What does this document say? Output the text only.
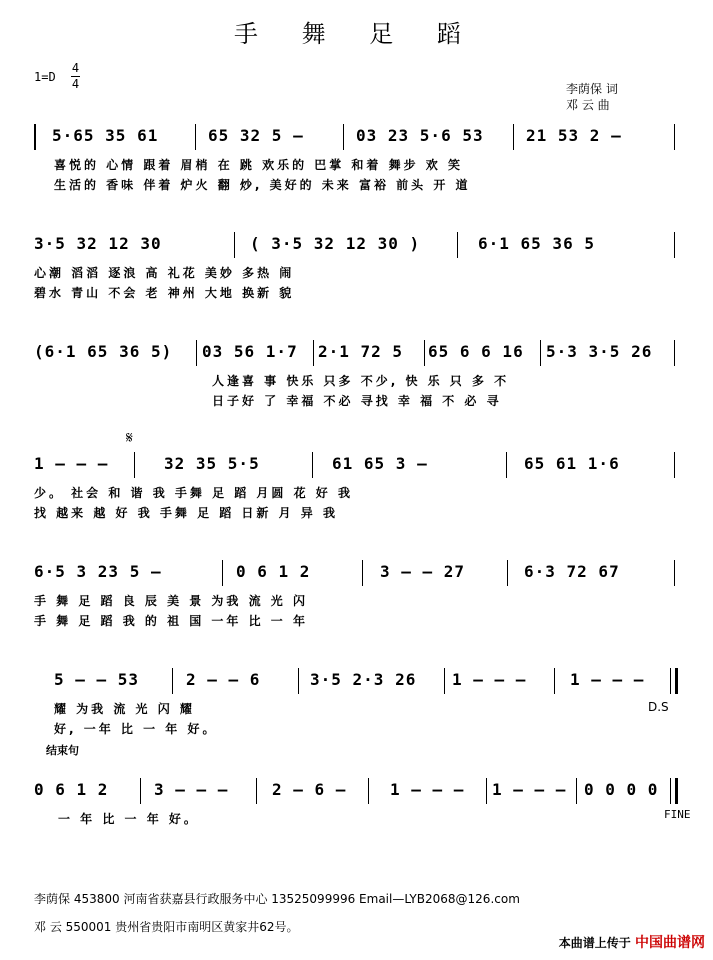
手 舞 足 蹈
1=D
4
4	李荫保 词
邓 云 曲
5·65 35 61	65 32 5 –	03 23 5·6 53	21 53 2 –
喜悦的 心情 跟着 眉梢 在 跳 欢乐的 巴掌 和着 舞步 欢 笑
生活的 香味 伴着 炉火 翻 炒, 美好的 未来 富裕 前头 开 道
3·5 32 12 30	( 3·5 32 12 30 )	6·1 65 36 5
心潮 滔滔 逐浪 高 礼花 美妙 多热 闹
碧水 青山 不会 老 神州 大地 换新 貌
(6·1 65 36 5) 03 56 1·7 2·1 72 5 65 6 6 16 5·3 3·5 26
人逢喜 事 快乐 只多 不少, 快 乐 只 多 不
日子好 了 幸福 不必 寻找 幸 福 不 必 寻
𝄋
1 – – –	32 35 5·5	61 65 3 –	65 61 1·6
少。 社会 和 谐 我 手舞 足 蹈 月圆 花 好 我
找 越来 越 好 我 手舞 足 蹈 日新 月 异 我
6·5 3 23 5 –	0 6 1 2	3 – – 27	6·3 72 67
手 舞 足 蹈 良 辰 美 景 为我 流 光 闪
手 舞 足 蹈 我 的 祖 国 一年 比 一 年
5 – – 53	2 – – 6	3·5 2·3 26 1 – – –	1 – – –
耀 为我 流 光 闪 耀
好, 一年 比 一 年 好。
D.S
结束句
0 6 1 2	3 – – –	2 – 6 –	1 – – – 1 – – – 0 0 0 0
一 年 比 一 年 好。	FINE
李荫保 453800 河南省获嘉县行政服务中心 13525099996 Email—LYB2068@126.com
邓 云 550001 贵州省贵阳市南明区黄家井62号。
本曲谱上传于 中国曲谱网
